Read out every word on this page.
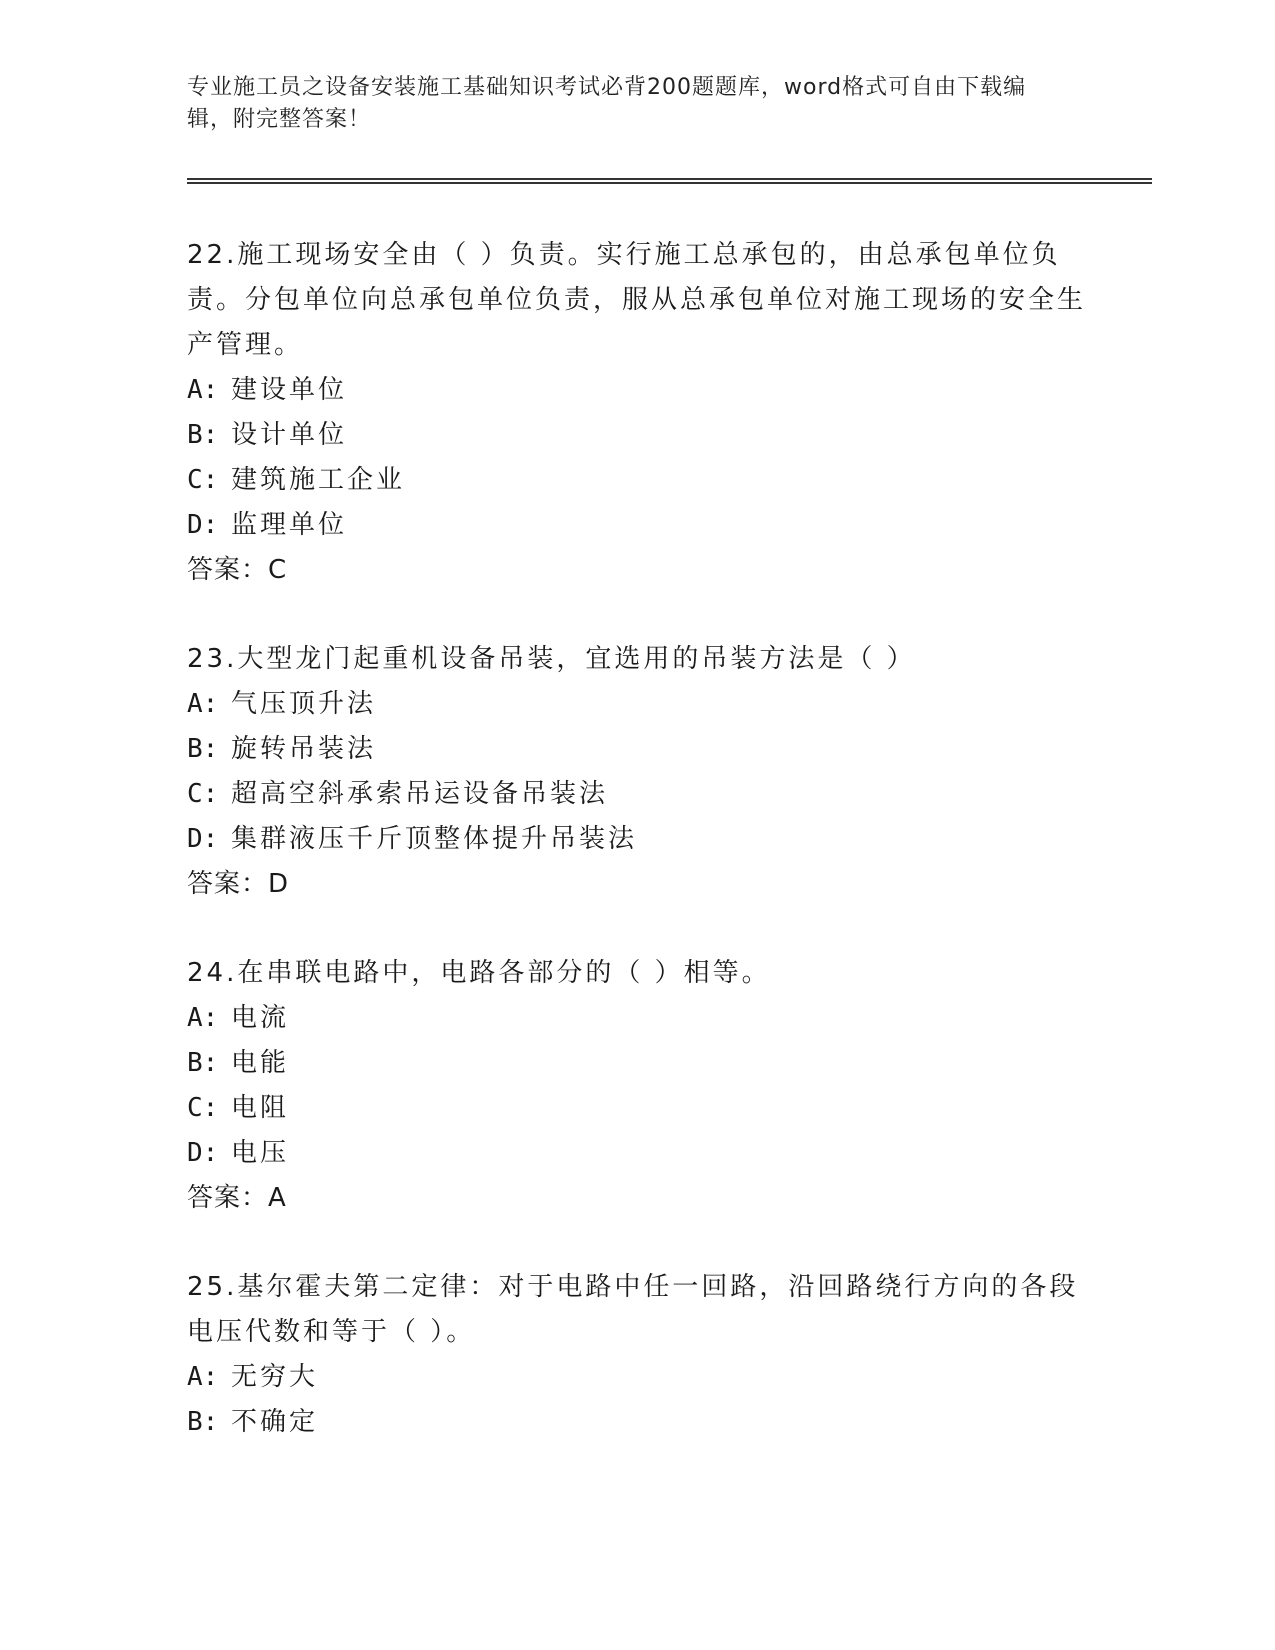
专业施工员之设备安装施工基础知识考试必背200题题库，word格式可自由下载编辑，附完整答案！
22.施工现场安全由（ ）负责。实行施工总承包的，由总承包单位负责。分包单位向总承包单位负责，服从总承包单位对施工现场的安全生产管理。
A: 建设单位
B: 设计单位
C: 建筑施工企业
D: 监理单位
答案：C
23.大型龙门起重机设备吊装，宜选用的吊装方法是（ ）
A: 气压顶升法
B: 旋转吊装法
C: 超高空斜承索吊运设备吊装法
D: 集群液压千斤顶整体提升吊装法
答案：D
24.在串联电路中，电路各部分的（ ）相等。
A: 电流
B: 电能
C: 电阻
D: 电压
答案：A
25.基尔霍夫第二定律：对于电路中任一回路，沿回路绕行方向的各段电压代数和等于（ ）。
A: 无穷大
B: 不确定
